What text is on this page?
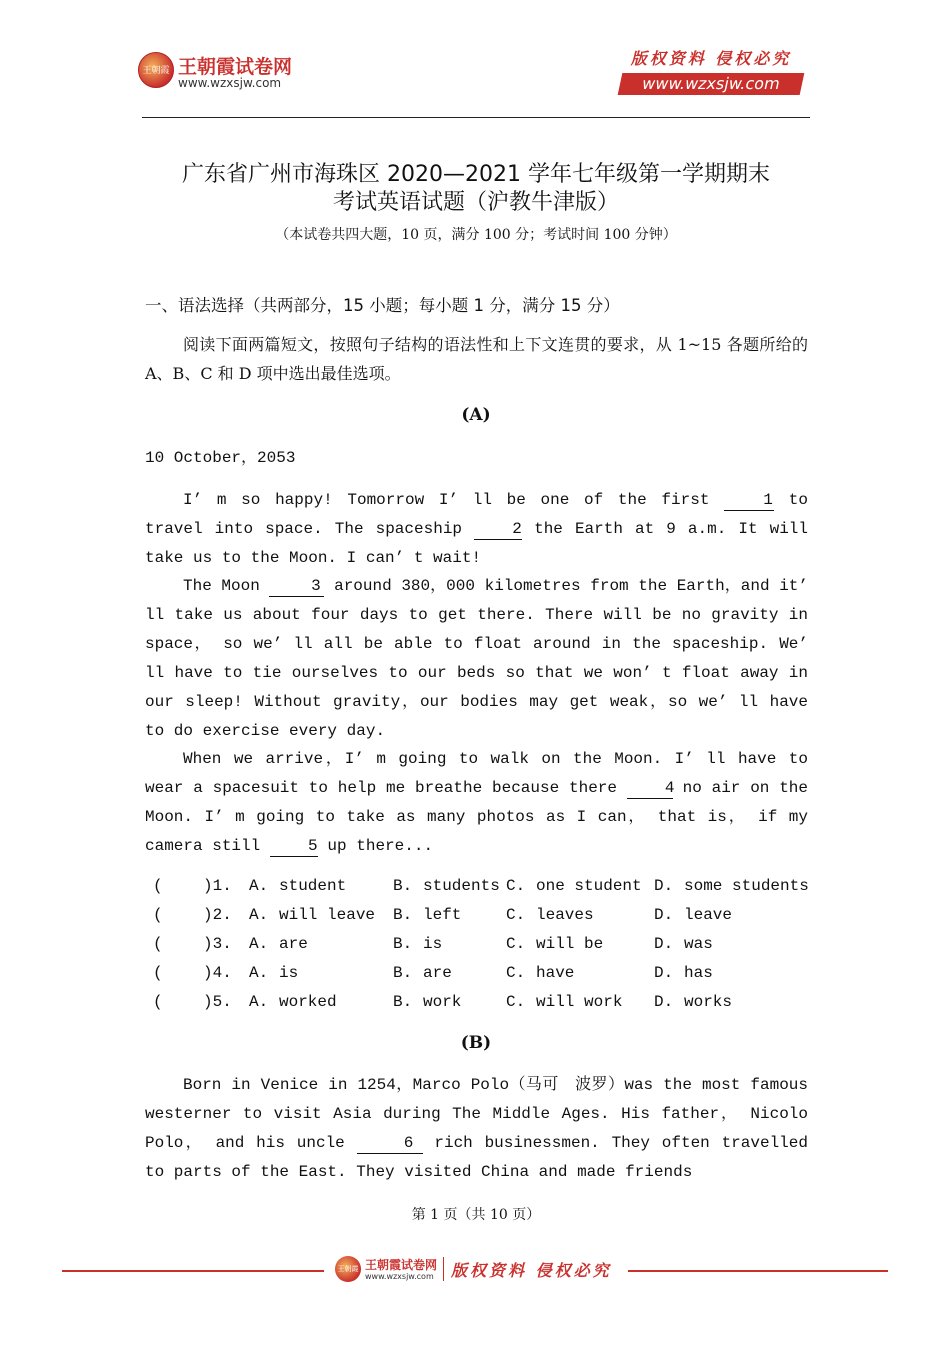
王朝霞 王朝霞试卷网
www.wzxsjw.com
版权资料 侵权必究
www.wzxsjw.com
广东省广州市海珠区 2020—2021 学年七年级第一学期期末
考试英语试题（沪教牛津版）
（本试卷共四大题，10 页，满分 100 分；考试时间 100 分钟）
一、语法选择（共两部分，15 小题；每小题 1 分，满分 15 分）
阅读下面两篇短文，按照句子结构的语法性和上下文连贯的要求，从 1~15 各题所给的 A、B、C 和 D 项中选出最佳选项。
(A)
10 October，2053
I’ m so happy! Tomorrow I’ ll be one of the first 1 to travel into space. The spaceship 2 the Earth at 9 a.m. It will take us to the Moon. I can’ t wait!
The Moon	3 around 380，000 kilometres from the Earth，and it’ ll take us about four days to get there. There will be no gravity in space， so we’ ll all be able to float around in the spaceship. We’ ll have to tie ourselves to our beds so that we won’ t float away in our sleep! Without gravity，our bodies may get weak，so we’ ll have to do exercise every day.
When we arrive，I’ m going to walk on the Moon. I’ ll have to wear a spacesuit to help me breathe because there 4 no air on the Moon. I’ m going to take as many photos as I can， that is， if my camera still 5 up there...
(	)1. A. student	B. students C. one student D. some students
(	)2. A. will leave B. left	C. leaves	D. leave
(	)3. A. are	B. is	C. will be	D. was
(	)4. A. is	B. are	C. have	D. has
(	)5. A. worked	B. work	C. will work D. works
(B)
Born in Venice in 1254，Marco Polo（马可　波罗）was the most famous westerner to visit Asia during The Middle Ages. His father， Nicolo Polo， and his uncle	6 rich businessmen. They often travelled to parts of the East. They visited China and made friends
第 1 页（共 10 页）
王朝霞 王朝霞试卷网
www.wzxsjw.com 版权资料 侵权必究
